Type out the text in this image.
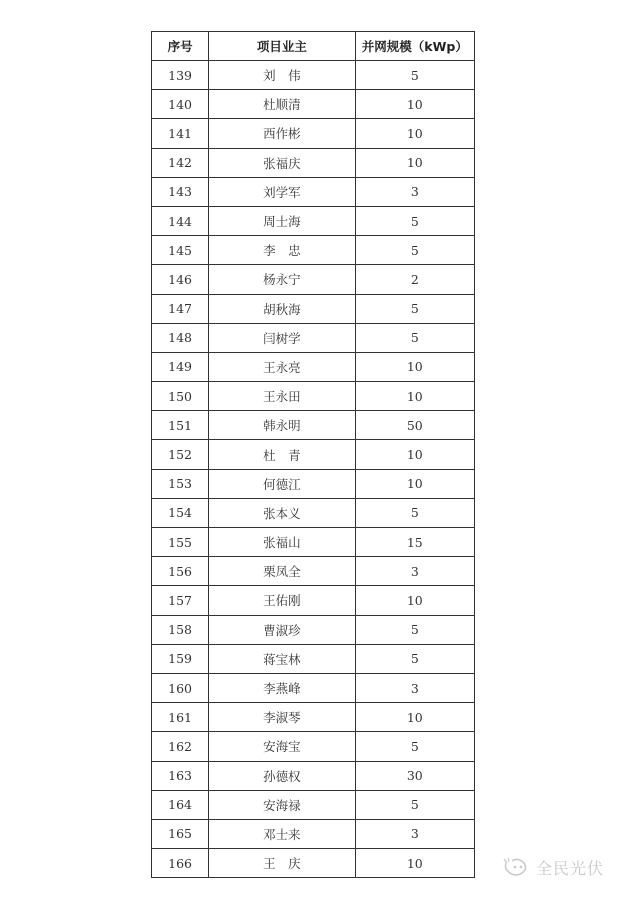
序号	项目业主	并网规模（kWp）
139	刘　伟	5
140	杜顺清	10
141	西作彬	10
142	张福庆	10
143	刘学军	3
144	周士海	5
145	李　忠	5
146	杨永宁	2
147	胡秋海	5
148	闫树学	5
149	王永亮	10
150	王永田	10
151	韩永明	50
152	杜　青	10
153	何德江	10
154	张本义	5
155	张福山	15
156	栗凤全	3
157	王佑刚	10
158	曹淑珍	5
159	蒋宝林	5
160	李燕峰	3
161	李淑琴	10
162	安海宝	5
163	孙德权	30
164	安海禄	5
165	邓士来	3
166	王　庆	10	全民光伏
